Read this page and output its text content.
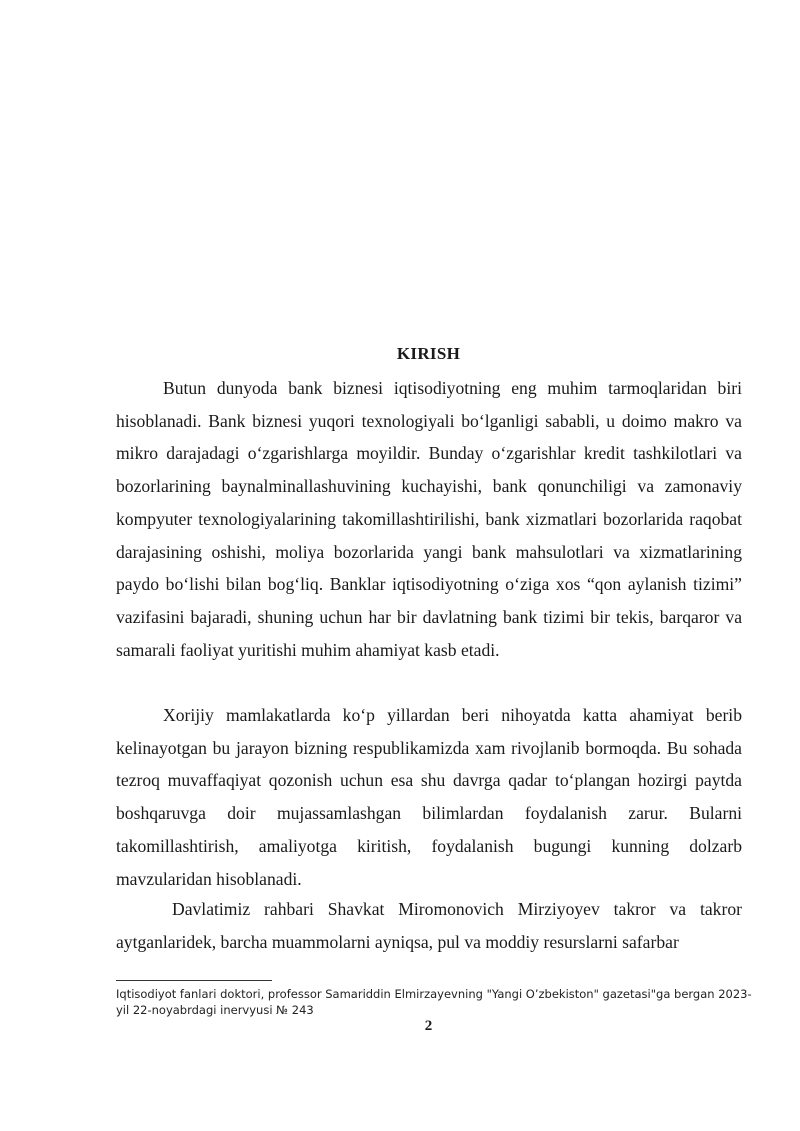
KIRISH

Butun dunyoda bank biznesi iqtisodiyotning eng muhim tarmoqlaridan biri hisoblanadi. Bank biznesi yuqori texnologiyali bo‘lganligi sababli, u doimo makro va mikro darajadagi o‘zgarishlarga moyildir. Bunday o‘zgarishlar kredit tashkilotlari va bozorlarining baynalminallashuvining kuchayishi, bank qonunchiligi va zamonaviy kompyuter texnologiyalarining takomillashtirilishi, bank xizmatlari bozorlarida raqobat darajasining oshishi, moliya bozorlarida yangi bank mahsulotlari va xizmatlarining paydo bo‘lishi bilan bog‘liq. Banklar iqtisodiyotning o‘ziga xos “qon aylanish tizimi” vazifasini bajaradi, shuning uchun har bir davlatning bank tizimi bir tekis, barqaror va samarali faoliyat yuritishi muhim ahamiyat kasb etadi.

Xorijiy mamlakatlarda ko‘p yillardan beri nihoyatda katta ahamiyat berib kelinayotgan bu jarayon bizning respublikamizda xam rivojlanib bormoqda. Bu sohada tezroq muvaffaqiyat qozonish uchun esa shu davrga qadar to‘plangan hozirgi paytda boshqaruvga doir mujassamlashgan bilimlardan foydalanish zarur. Bularni takomillashtirish, amaliyotga kiritish, foydalanish bugungi kunning dolzarb mavzularidan hisoblanadi.

Davlatimiz rahbari Shavkat Miromonovich Mirziyoyev takror va takror aytganlaridek, barcha muammolarni ayniqsa, pul va moddiy resurslarni safarbar

Iqtisodiyot fanlari doktori, professor Samariddin Elmirzayevning "Yangi O’zbekiston" gazetasi"ga bergan 2023-yil 22-noyabrdagi inervyusi № 243
2
